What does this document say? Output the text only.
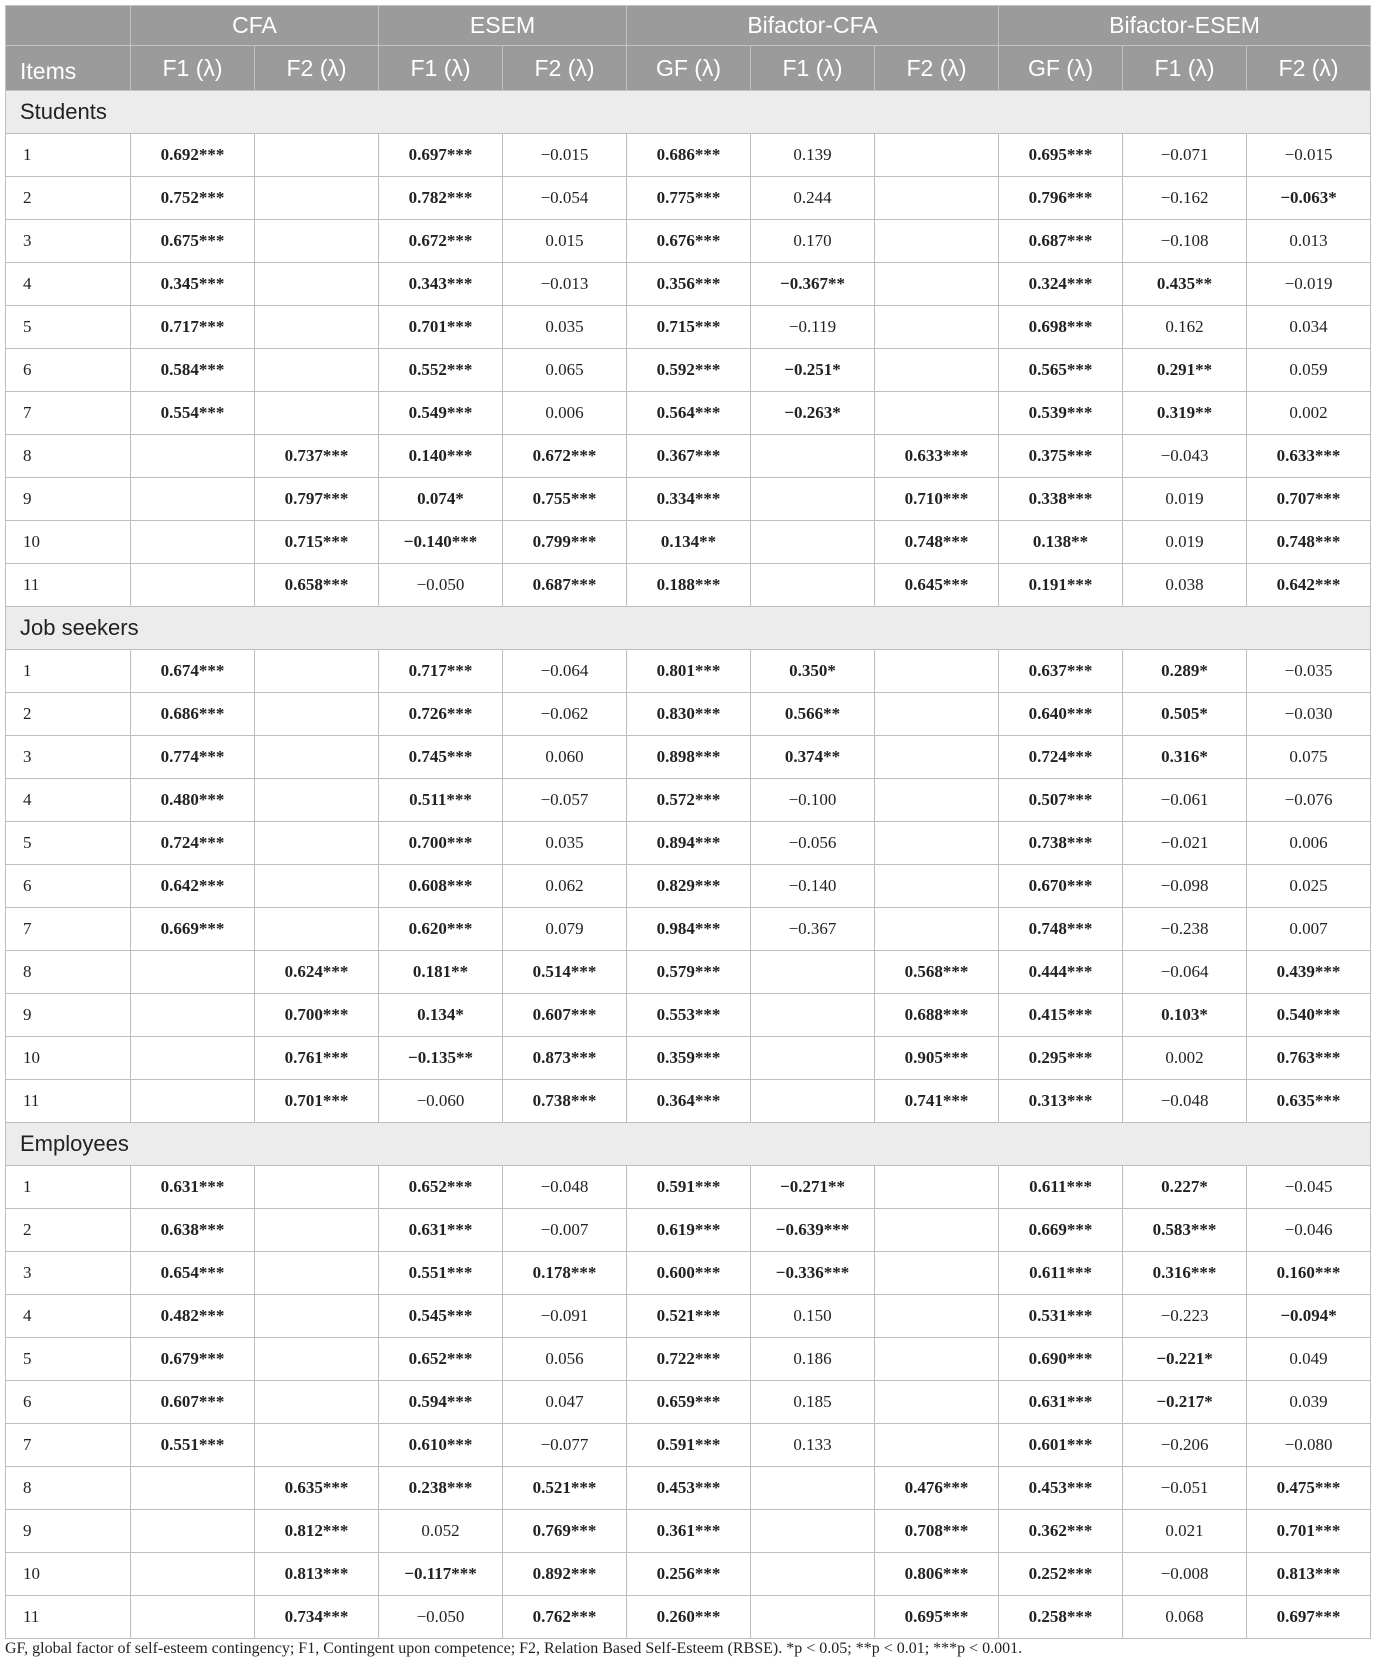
	CFA		ESEM		Bifactor-CFA			Bifactor-ESEM		
Items	F1 (λ)	F2 (λ)	F1 (λ)	F2 (λ)	GF (λ)	F1 (λ)	F2 (λ)	GF (λ)	F1 (λ)	F2 (λ)
Students										
1	0.692***		0.697***	−0.015	0.686***	0.139		0.695***	−0.071	−0.015
2	0.752***		0.782***	−0.054	0.775***	0.244		0.796***	−0.162	−0.063*
3	0.675***		0.672***	0.015	0.676***	0.170		0.687***	−0.108	0.013
4	0.345***		0.343***	−0.013	0.356***	−0.367**		0.324***	0.435**	−0.019
5	0.717***		0.701***	0.035	0.715***	−0.119		0.698***	0.162	0.034
6	0.584***		0.552***	0.065	0.592***	−0.251*		0.565***	0.291**	0.059
7	0.554***		0.549***	0.006	0.564***	−0.263*		0.539***	0.319**	0.002
8		0.737***	0.140***	0.672***	0.367***		0.633***	0.375***	−0.043	0.633***
9		0.797***	0.074*	0.755***	0.334***		0.710***	0.338***	0.019	0.707***
10		0.715***	−0.140***	0.799***	0.134**		0.748***	0.138**	0.019	0.748***
11		0.658***	−0.050	0.687***	0.188***		0.645***	0.191***	0.038	0.642***
Job seekers										
1	0.674***		0.717***	−0.064	0.801***	0.350*		0.637***	0.289*	−0.035
2	0.686***		0.726***	−0.062	0.830***	0.566**		0.640***	0.505*	−0.030
3	0.774***		0.745***	0.060	0.898***	0.374**		0.724***	0.316*	0.075
4	0.480***		0.511***	−0.057	0.572***	−0.100		0.507***	−0.061	−0.076
5	0.724***		0.700***	0.035	0.894***	−0.056		0.738***	−0.021	0.006
6	0.642***		0.608***	0.062	0.829***	−0.140		0.670***	−0.098	0.025
7	0.669***		0.620***	0.079	0.984***	−0.367		0.748***	−0.238	0.007
8		0.624***	0.181**	0.514***	0.579***		0.568***	0.444***	−0.064	0.439***
9		0.700***	0.134*	0.607***	0.553***		0.688***	0.415***	0.103*	0.540***
10		0.761***	−0.135**	0.873***	0.359***		0.905***	0.295***	0.002	0.763***
11		0.701***	−0.060	0.738***	0.364***		0.741***	0.313***	−0.048	0.635***
Employees										
1	0.631***		0.652***	−0.048	0.591***	−0.271**		0.611***	0.227*	−0.045
2	0.638***		0.631***	−0.007	0.619***	−0.639***		0.669***	0.583***	−0.046
3	0.654***		0.551***	0.178***	0.600***	−0.336***		0.611***	0.316***	0.160***
4	0.482***		0.545***	−0.091	0.521***	0.150		0.531***	−0.223	−0.094*
5	0.679***		0.652***	0.056	0.722***	0.186		0.690***	−0.221*	0.049
6	0.607***		0.594***	0.047	0.659***	0.185		0.631***	−0.217*	0.039
7	0.551***		0.610***	−0.077	0.591***	0.133		0.601***	−0.206	−0.080
8		0.635***	0.238***	0.521***	0.453***		0.476***	0.453***	−0.051	0.475***
9		0.812***	0.052	0.769***	0.361***		0.708***	0.362***	0.021	0.701***
10		0.813***	−0.117***	0.892***	0.256***		0.806***	0.252***	−0.008	0.813***
11		0.734***	−0.050	0.762***	0.260***		0.695***	0.258***	0.068	0.697***
GF, global factor of self-esteem contingency; F1, Contingent upon competence; F2, Relation Based Self-Esteem (RBSE). *p < 0.05; **p < 0.01; ***p < 0.001.
